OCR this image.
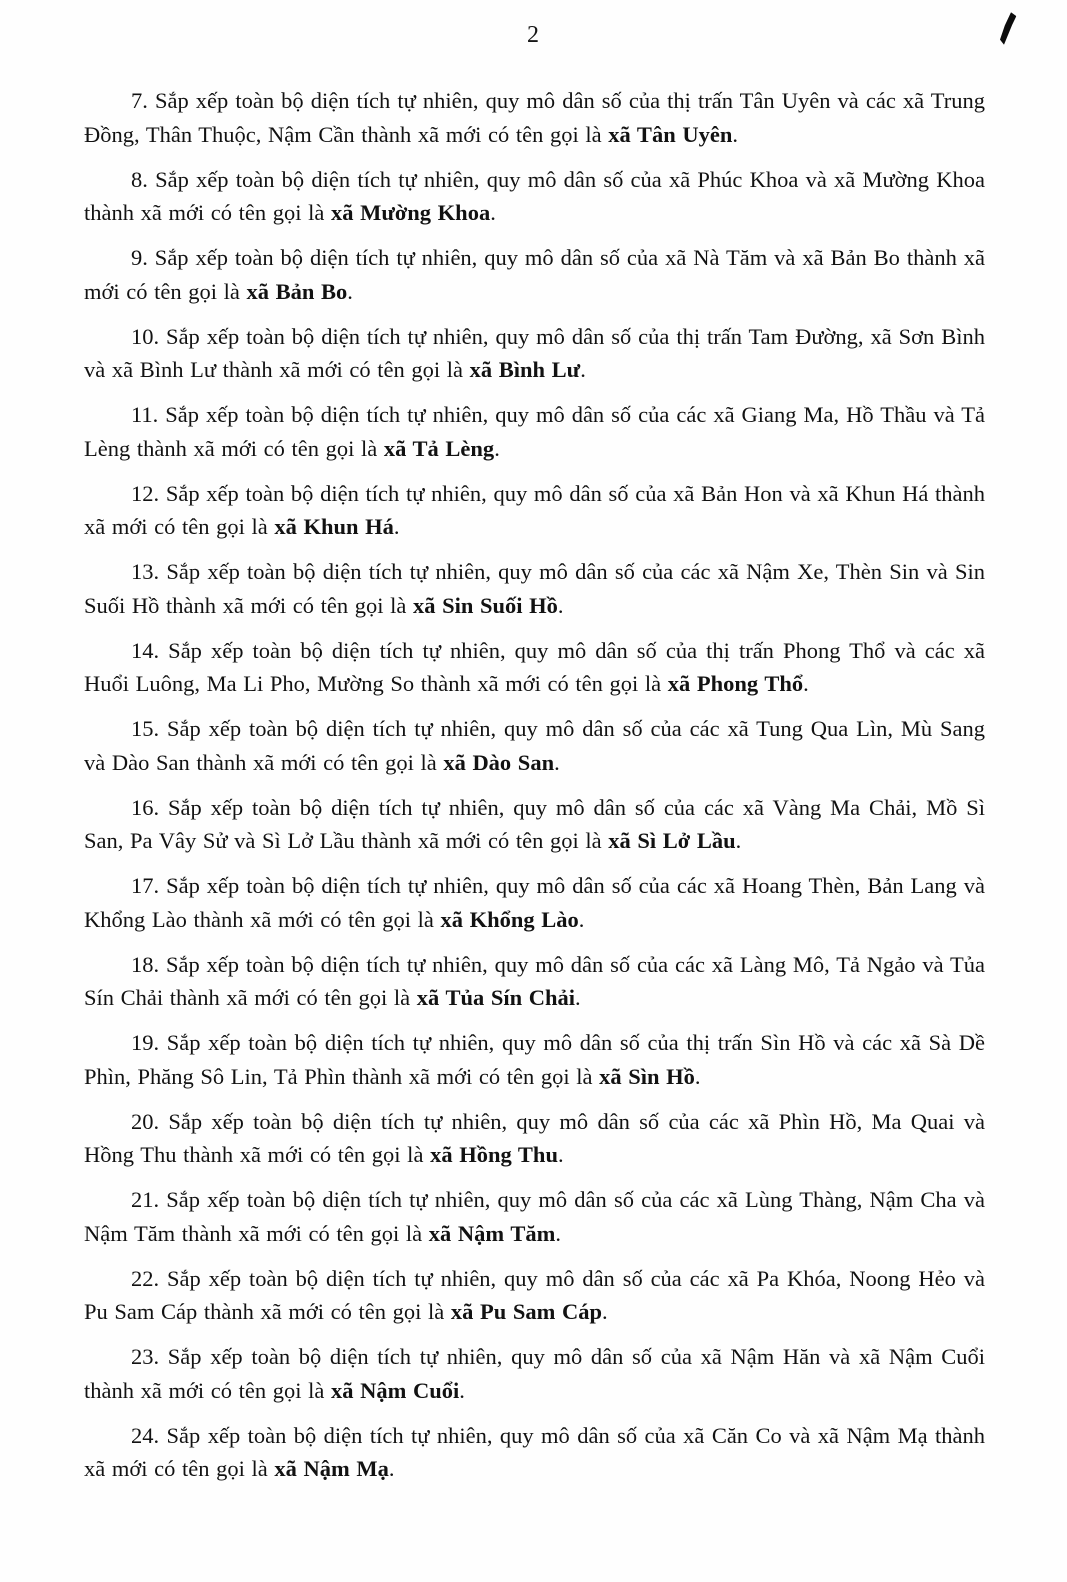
2

7. Sắp xếp toàn bộ diện tích tự nhiên, quy mô dân số của thị trấn Tân Uyên và các xã Trung Đồng, Thân Thuộc, Nậm Cần thành xã mới có tên gọi là xã Tân Uyên.

8. Sắp xếp toàn bộ diện tích tự nhiên, quy mô dân số của xã Phúc Khoa và xã Mường Khoa thành xã mới có tên gọi là xã Mường Khoa.

9. Sắp xếp toàn bộ diện tích tự nhiên, quy mô dân số của xã Nà Tăm và xã Bản Bo thành xã mới có tên gọi là xã Bản Bo.

10. Sắp xếp toàn bộ diện tích tự nhiên, quy mô dân số của thị trấn Tam Đường, xã Sơn Bình và xã Bình Lư thành xã mới có tên gọi là xã Bình Lư.

11. Sắp xếp toàn bộ diện tích tự nhiên, quy mô dân số của các xã Giang Ma, Hồ Thầu và Tả Lèng thành xã mới có tên gọi là xã Tả Lèng.

12. Sắp xếp toàn bộ diện tích tự nhiên, quy mô dân số của xã Bản Hon và xã Khun Há thành xã mới có tên gọi là xã Khun Há.

13. Sắp xếp toàn bộ diện tích tự nhiên, quy mô dân số của các xã Nậm Xe, Thèn Sin và Sin Suối Hồ thành xã mới có tên gọi là xã Sin Suối Hồ.

14. Sắp xếp toàn bộ diện tích tự nhiên, quy mô dân số của thị trấn Phong Thổ và các xã Huổi Luông, Ma Li Pho, Mường So thành xã mới có tên gọi là xã Phong Thổ.

15. Sắp xếp toàn bộ diện tích tự nhiên, quy mô dân số của các xã Tung Qua Lìn, Mù Sang và Dào San thành xã mới có tên gọi là xã Dào San.

16. Sắp xếp toàn bộ diện tích tự nhiên, quy mô dân số của các xã Vàng Ma Chải, Mồ Sì San, Pa Vây Sử và Sì Lở Lầu thành xã mới có tên gọi là xã Sì Lở Lầu.

17. Sắp xếp toàn bộ diện tích tự nhiên, quy mô dân số của các xã Hoang Thèn, Bản Lang và Khổng Lào thành xã mới có tên gọi là xã Khổng Lào.

18. Sắp xếp toàn bộ diện tích tự nhiên, quy mô dân số của các xã Làng Mô, Tả Ngảo và Tủa Sín Chải thành xã mới có tên gọi là xã Tủa Sín Chải.

19. Sắp xếp toàn bộ diện tích tự nhiên, quy mô dân số của thị trấn Sìn Hồ và các xã Sà Dề Phìn, Phăng Sô Lin, Tả Phìn thành xã mới có tên gọi là xã Sìn Hồ.

20. Sắp xếp toàn bộ diện tích tự nhiên, quy mô dân số của các xã Phìn Hồ, Ma Quai và Hồng Thu thành xã mới có tên gọi là xã Hồng Thu.

21. Sắp xếp toàn bộ diện tích tự nhiên, quy mô dân số của các xã Lùng Thàng, Nậm Cha và Nậm Tăm thành xã mới có tên gọi là xã Nậm Tăm.

22. Sắp xếp toàn bộ diện tích tự nhiên, quy mô dân số của các xã Pa Khóa, Noong Hẻo và Pu Sam Cáp thành xã mới có tên gọi là xã Pu Sam Cáp.

23. Sắp xếp toàn bộ diện tích tự nhiên, quy mô dân số của xã Nậm Hăn và xã Nậm Cuổi thành xã mới có tên gọi là xã Nậm Cuổi.

24. Sắp xếp toàn bộ diện tích tự nhiên, quy mô dân số của xã Căn Co và xã Nậm Mạ thành xã mới có tên gọi là xã Nậm Mạ.
